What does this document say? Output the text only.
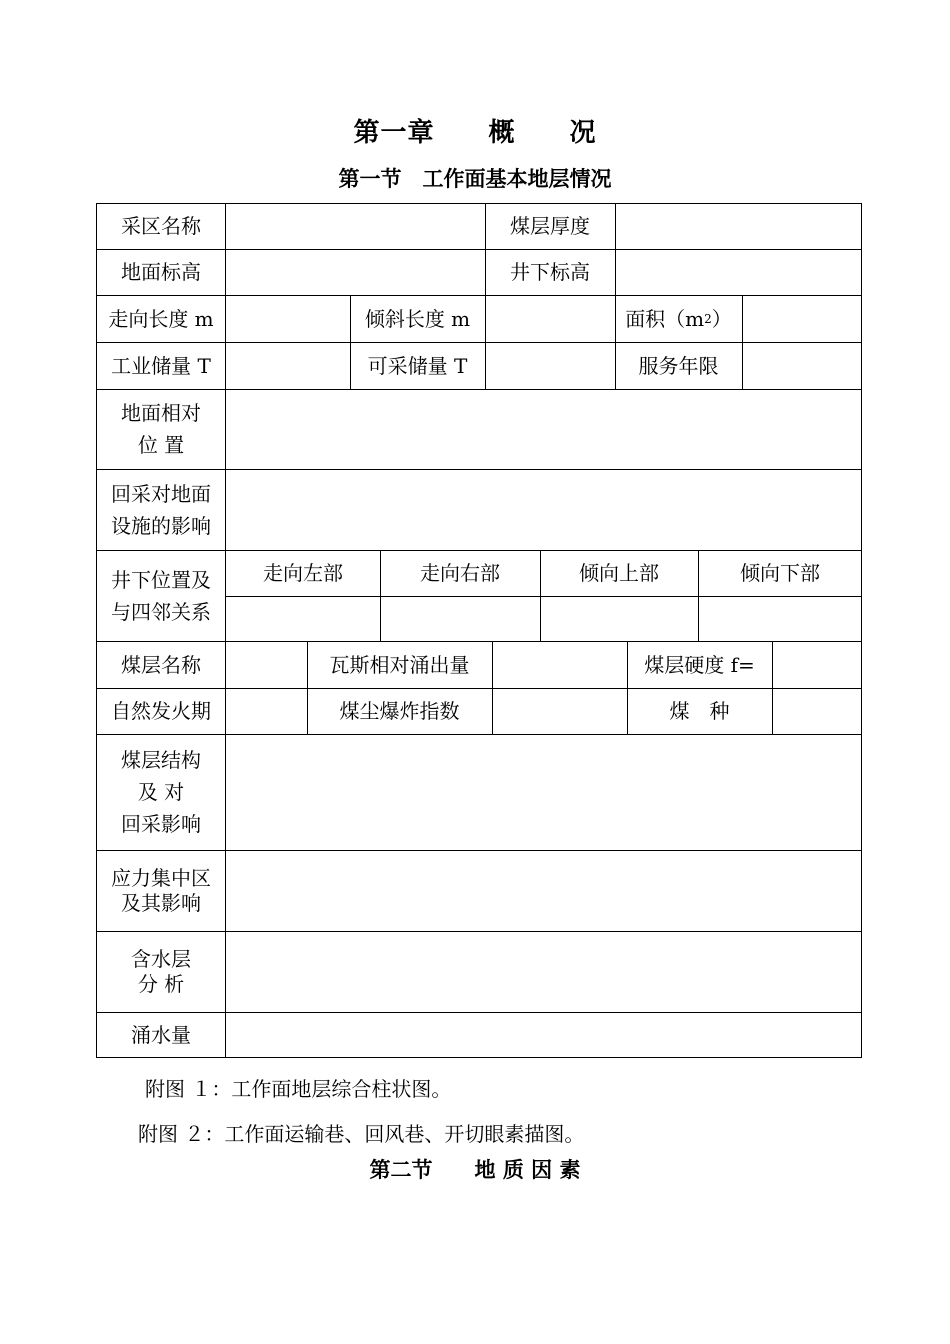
第一章　　概　　况
第一节　工作面基本地层情况
采区名称	煤层厚度
地面标高	井下标高
走向长度 m	倾斜长度 m	面积（m 2 ）
工业储量 T	可采储量 T	服务年限
地面相对
位 置
回采对地面
设施的影响
井下位置及
与四邻关系
走向左部	走向右部	倾向上部	倾向下部
煤层名称	瓦斯相对涌出量	煤层硬度 f=
自然发火期	煤尘爆炸指数	煤　种
煤层结构
及 对
回采影响
应力集中区
及其影响
含水层
分 析
涌水量
附图 １：工作面地层综合柱状图。
附图 ２：工作面运输巷、回风巷、开切眼素描图。
第二节　　地 质 因 素
